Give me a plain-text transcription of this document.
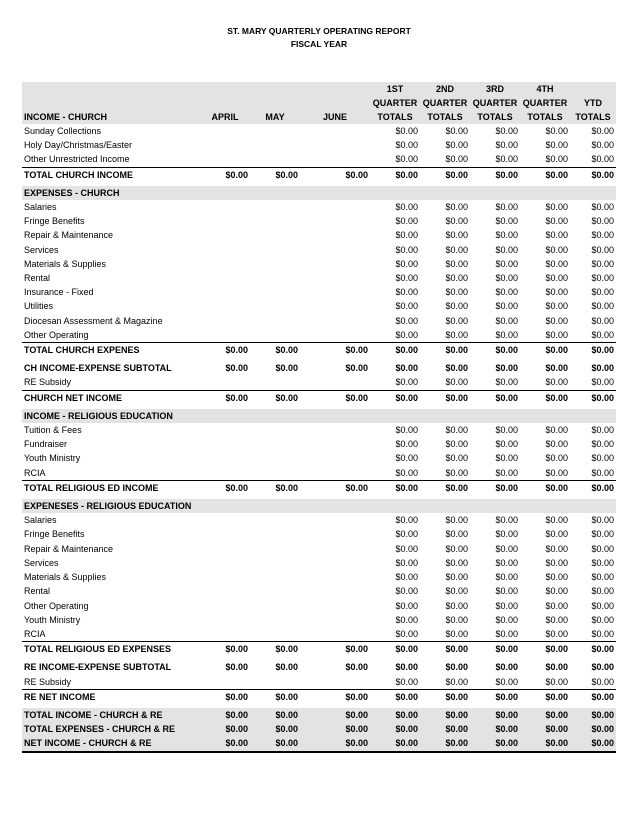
ST. MARY QUARTERLY OPERATING REPORT
FISCAL YEAR
				1ST	2ND	3RD	4TH	
				QUARTER	QUARTER	QUARTER	QUARTER	YTD
INCOME - CHURCH	APRIL	MAY	JUNE	TOTALS	TOTALS	TOTALS	TOTALS	TOTALS
Sunday Collections				$0.00	$0.00	$0.00	$0.00	$0.00
Holy Day/Christmas/Easter				$0.00	$0.00	$0.00	$0.00	$0.00
Other Unrestricted Income				$0.00	$0.00	$0.00	$0.00	$0.00
TOTAL CHURCH INCOME	$0.00	$0.00	$0.00	$0.00	$0.00	$0.00	$0.00	$0.00

EXPENSES - CHURCH								
Salaries				$0.00	$0.00	$0.00	$0.00	$0.00
Fringe Benefits				$0.00	$0.00	$0.00	$0.00	$0.00
Repair & Maintenance				$0.00	$0.00	$0.00	$0.00	$0.00
Services				$0.00	$0.00	$0.00	$0.00	$0.00
Materials & Supplies				$0.00	$0.00	$0.00	$0.00	$0.00
Rental				$0.00	$0.00	$0.00	$0.00	$0.00
Insurance - Fixed				$0.00	$0.00	$0.00	$0.00	$0.00
Utilities				$0.00	$0.00	$0.00	$0.00	$0.00
Diocesan Assessment & Magazine				$0.00	$0.00	$0.00	$0.00	$0.00
Other Operating				$0.00	$0.00	$0.00	$0.00	$0.00
TOTAL CHURCH EXPENES	$0.00	$0.00	$0.00	$0.00	$0.00	$0.00	$0.00	$0.00

CH INCOME-EXPENSE SUBTOTAL	$0.00	$0.00	$0.00	$0.00	$0.00	$0.00	$0.00	$0.00
RE Subsidy				$0.00	$0.00	$0.00	$0.00	$0.00
CHURCH NET INCOME	$0.00	$0.00	$0.00	$0.00	$0.00	$0.00	$0.00	$0.00

INCOME - RELIGIOUS EDUCATION								
Tuition & Fees				$0.00	$0.00	$0.00	$0.00	$0.00
Fundraiser				$0.00	$0.00	$0.00	$0.00	$0.00
Youth Ministry				$0.00	$0.00	$0.00	$0.00	$0.00
RCIA				$0.00	$0.00	$0.00	$0.00	$0.00
TOTAL RELIGIOUS ED INCOME	$0.00	$0.00	$0.00	$0.00	$0.00	$0.00	$0.00	$0.00

EXPENESES - RELIGIOUS EDUCATION								
Salaries				$0.00	$0.00	$0.00	$0.00	$0.00
Fringe Benefits				$0.00	$0.00	$0.00	$0.00	$0.00
Repair & Maintenance				$0.00	$0.00	$0.00	$0.00	$0.00
Services				$0.00	$0.00	$0.00	$0.00	$0.00
Materials & Supplies				$0.00	$0.00	$0.00	$0.00	$0.00
Rental				$0.00	$0.00	$0.00	$0.00	$0.00
Other Operating				$0.00	$0.00	$0.00	$0.00	$0.00
Youth Ministry				$0.00	$0.00	$0.00	$0.00	$0.00
RCIA				$0.00	$0.00	$0.00	$0.00	$0.00
TOTAL RELIGIOUS ED EXPENSES	$0.00	$0.00	$0.00	$0.00	$0.00	$0.00	$0.00	$0.00

RE INCOME-EXPENSE SUBTOTAL	$0.00	$0.00	$0.00	$0.00	$0.00	$0.00	$0.00	$0.00
RE Subsidy				$0.00	$0.00	$0.00	$0.00	$0.00
RE NET INCOME	$0.00	$0.00	$0.00	$0.00	$0.00	$0.00	$0.00	$0.00

TOTAL INCOME - CHURCH & RE	$0.00	$0.00	$0.00	$0.00	$0.00	$0.00	$0.00	$0.00
TOTAL EXPENSES - CHURCH & RE	$0.00	$0.00	$0.00	$0.00	$0.00	$0.00	$0.00	$0.00
NET INCOME - CHURCH & RE	$0.00	$0.00	$0.00	$0.00	$0.00	$0.00	$0.00	$0.00
